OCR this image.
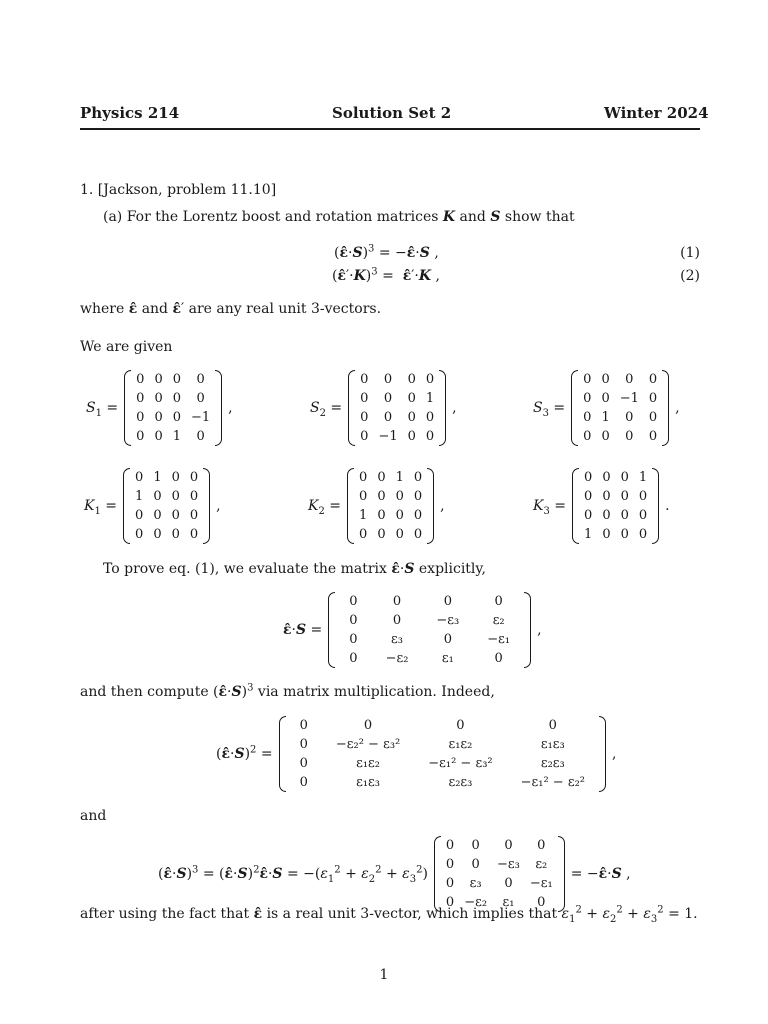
Physics 214	Solution Set 2	Winter 2024
1. [Jackson, problem 11.10]
(a) For the Lorentz boost and rotation matrices K and S show that
(ε̂·S)$^3$ = −ε̂·S ,	(1)
(ε̂′·K)$^3$ =  ε̂′·K ,	(2)
where ε̂ and ε̂′ are any real unit 3-vectors.
We are given
$S_1$ =
0	0	0	0
0	0	0	0
0	0	0	−1
0	0	1	0
,	$S_2$ =
0	0	0	0
0	0	0	1
0	0	0	0
0	−1	0	0
,	$S_3$ =
0	0	0	0
0	0	−1	0
0	1	0	0
0	0	0	0
,
$K_1$ =
0	1	0	0
1	0	0	0
0	0	0	0
0	0	0	0
,	$K_2$ =
0	0	1	0
0	0	0	0
1	0	0	0
0	0	0	0
,	$K_3$ =
0	0	0	1
0	0	0	0
0	0	0	0
1	0	0	0
.
To prove eq. (1), we evaluate the matrix ε̂·S explicitly,
ε̂·S =
0	0	0	0
0	0	−ε₃	ε₂
0	ε₃	0	−ε₁
0	−ε₂	ε₁	0
,
and then compute (ε̂·S)$^3$ via matrix multiplication. Indeed,
(ε̂·S)$^2$ =
0	0	0	0
0	−ε₂² − ε₃²	ε₁ε₂	ε₁ε₃
0	ε₁ε₂	−ε₁² − ε₃²	ε₂ε₃
0	ε₁ε₃	ε₂ε₃	−ε₁² − ε₂²
,
and
(ε̂·S)$^3$ = (ε̂·S)$^2$ε̂·S = $-(\varepsilon_1^2 + \varepsilon_2^2 + \varepsilon_3^2)$
0	0	0	0
0	0	−ε₃	ε₂
0	ε₃	0	−ε₁
0	−ε₂	ε₁	0
= −ε̂·S ,
after using the fact that ε̂ is a real unit 3-vector, which implies that $\varepsilon_1^2 + \varepsilon_2^2 + \varepsilon_3^2 = 1$.
1
